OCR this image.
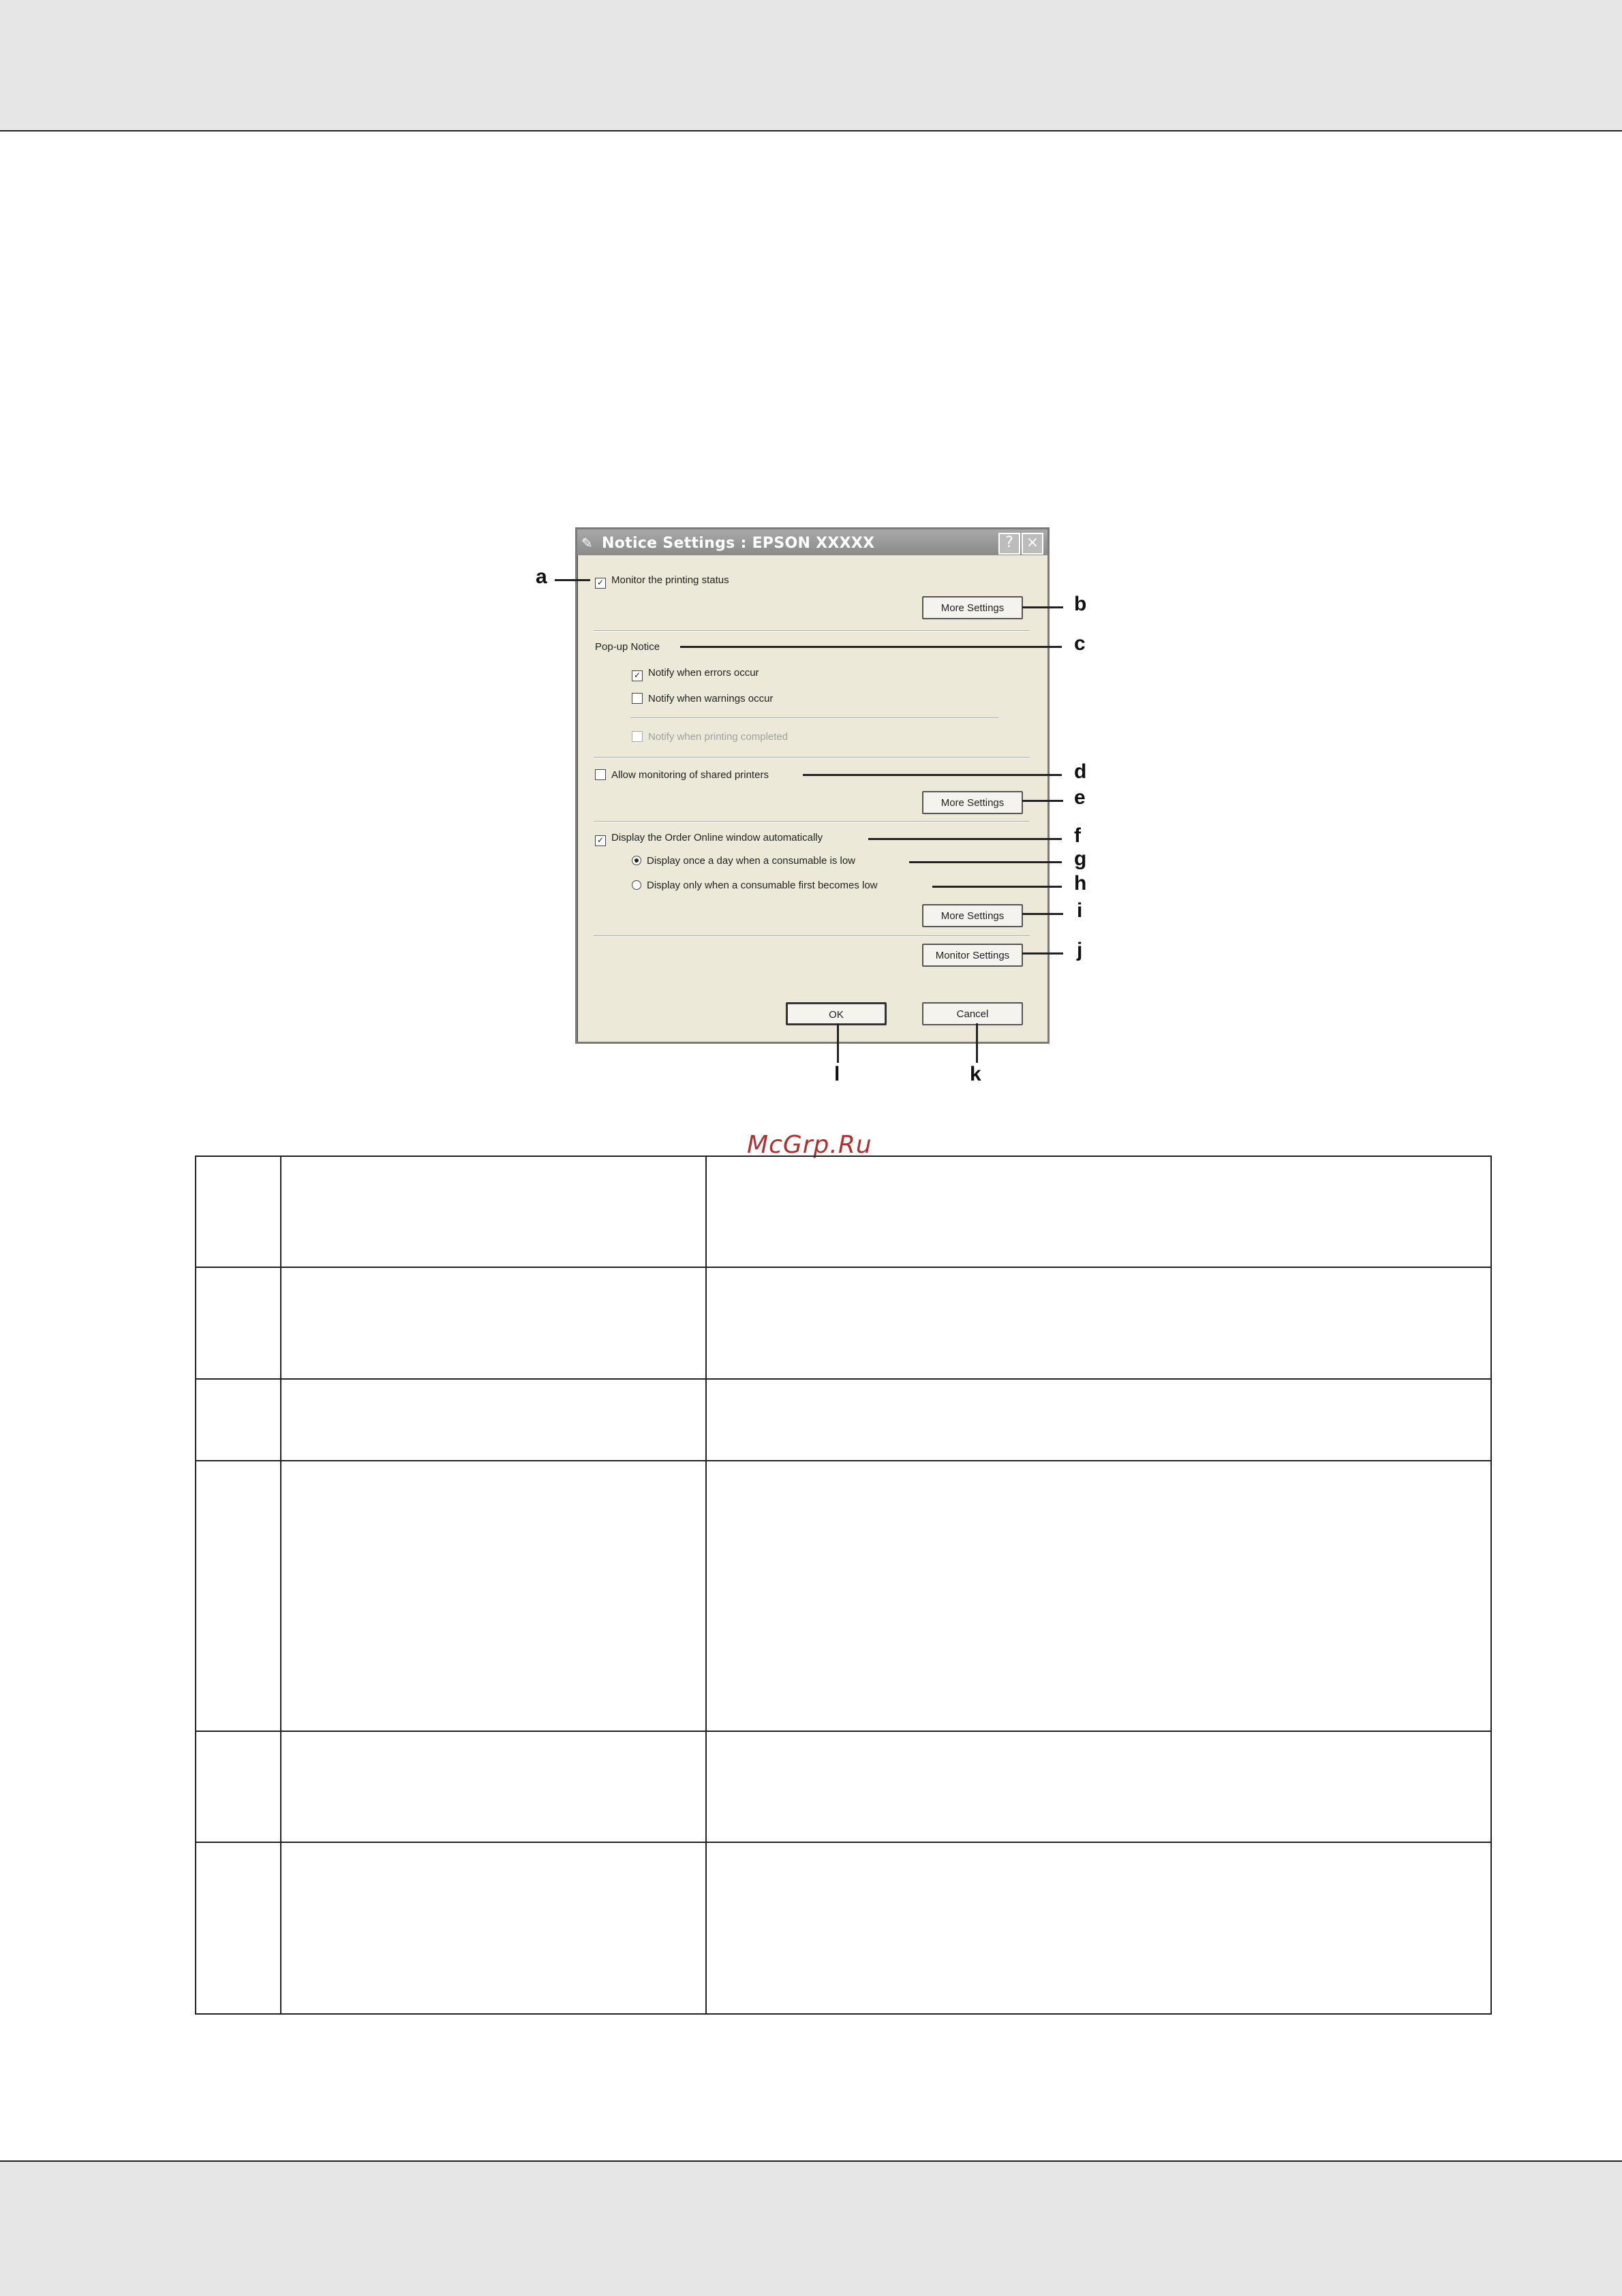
✎ Notice Settings : EPSON XXXXX	? ×
✓ Monitor the printing status
More Settings
Pop-up Notice
✓ Notify when errors occur
Notify when warnings occur
Notify when printing completed
Allow monitoring of shared printers
More Settings
✓ Display the Order Online window automatically
Display once a day when a consumable is low
Display only when a consumable first becomes low
More Settings
Monitor Settings
OK	Cancel
a
b
c
d
e
f
g
h
i
j
k
l
McGrp.Ru
